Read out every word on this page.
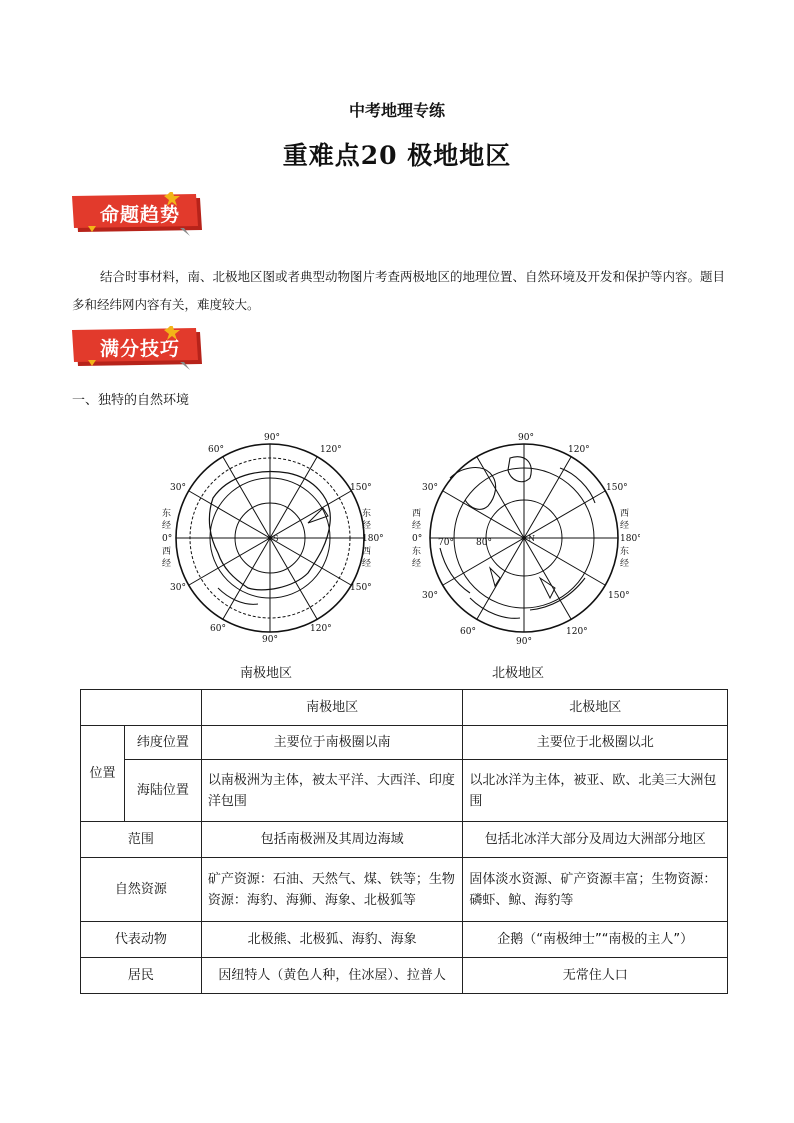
中考地理专练
重难点20 极地地区
命题趋势
结合时事材料，南、北极地区图或者典型动物图片考查两极地区的地理位置、自然环境及开发和保护等内容。题目多和经纬网内容有关，难度较大。
满分技巧
一、独特的自然环境
90°
60°	120°
30°	150°
东
经
0°
西
经
东
经
180°
西
经
30°	150°
60°
90°
120°
S
南极地区
90°
120°
30°	150°
西
经
0°
东
经
西
经
180°
东
经
70° 80°
30°	150°
60°
90°
120°
N
北极地区
		南极地区	北极地区
位置	纬度位置	主要位于南极圈以南	主要位于北极圈以北
	海陆位置	以南极洲为主体，被太平洋、大西洋、印度洋包围	以北冰洋为主体，被亚、欧、北美三大洲包围
范围		包括南极洲及其周边海域	包括北冰洋大部分及周边大洲部分地区
自然资源		矿产资源：石油、天然气、煤、铁等；生物资源：海豹、海狮、海象、北极狐等	固体淡水资源、矿产资源丰富；生物资源：磷虾、鲸、海豹等
代表动物		北极熊、北极狐、海豹、海象	企鹅（“南极绅士”“南极的主人”）
居民		因纽特人（黄色人种，住冰屋）、拉普人	无常住人口
